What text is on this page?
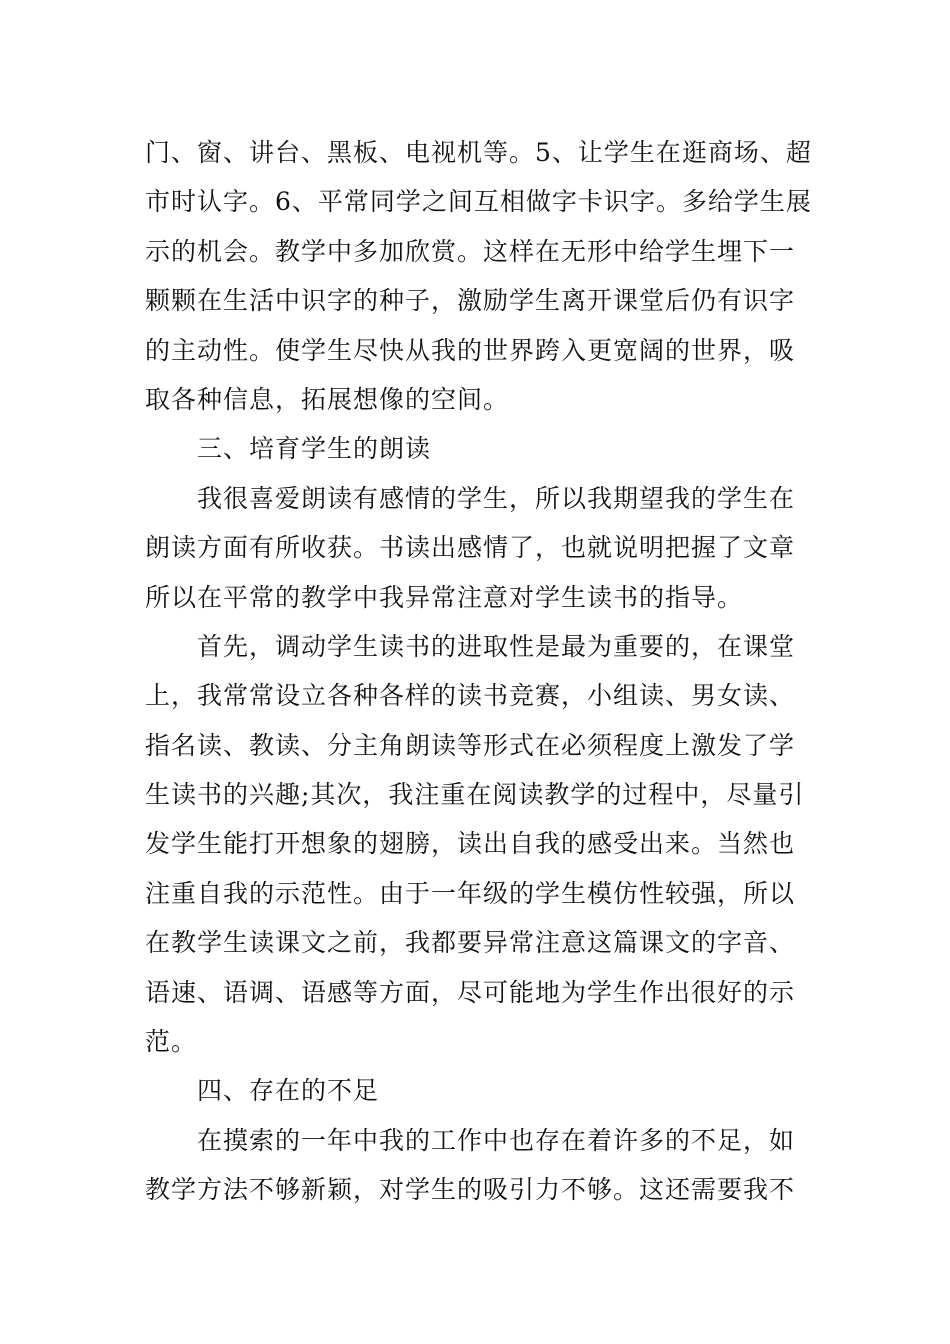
门、窗、讲台、黑板、电视机等。5、让学生在逛商场、超
市时认字。6、平常同学之间互相做字卡识字。多给学生展
示的机会。教学中多加欣赏。这样在无形中给学生埋下一
颗颗在生活中识字的种子，激励学生离开课堂后仍有识字
的主动性。使学生尽快从我的世界跨入更宽阔的世界，吸
取各种信息，拓展想像的空间。
三、培育学生的朗读
我很喜爱朗读有感情的学生，所以我期望我的学生在
朗读方面有所收获。书读出感情了，也就说明把握了文章
所以在平常的教学中我异常注意对学生读书的指导。
首先，调动学生读书的进取性是最为重要的，在课堂
上，我常常设立各种各样的读书竞赛，小组读、男女读、
指名读、教读、分主角朗读等形式在必须程度上激发了学
生读书的兴趣;其次，我注重在阅读教学的过程中，尽量引
发学生能打开想象的翅膀，读出自我的感受出来。当然也
注重自我的示范性。由于一年级的学生模仿性较强，所以
在教学生读课文之前，我都要异常注意这篇课文的字音、
语速、语调、语感等方面，尽可能地为学生作出很好的示
范。
四、存在的不足
在摸索的一年中我的工作中也存在着许多的不足，如
教学方法不够新颖，对学生的吸引力不够。这还需要我不
